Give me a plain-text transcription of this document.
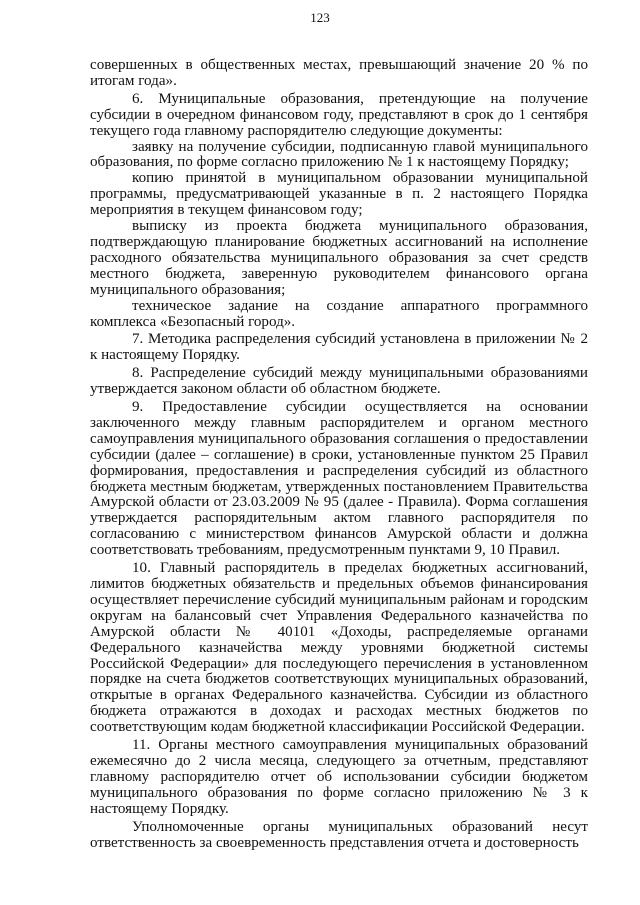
123

совершенных в общественных местах, превышающий значение 20 % по итогам года».

6. Муниципальные образования, претендующие на получение субсидии в очередном финансовом году, представляют в срок до 1 сентября текущего года главному распорядителю следующие документы:

заявку на получение субсидии, подписанную главой муниципального образования, по форме согласно приложению № 1 к настоящему Порядку;

копию принятой в муниципальном образовании муниципальной программы, предусматривающей указанные в п. 2 настоящего Порядка мероприятия в текущем финансовом году;

выписку из проекта бюджета муниципального образования, подтверждающую планирование бюджетных ассигнований на исполнение расходного обязательства муниципального образования за счет средств местного бюджета, заверенную руководителем финансового органа муниципального образования;

техническое задание на создание аппаратного программного комплекса «Безопасный город».

7. Методика распределения субсидий установлена в приложении № 2 к настоящему Порядку.

8. Распределение субсидий между муниципальными образованиями утверждается законом области об областном бюджете.

9. Предоставление субсидии осуществляется на основании заключенного между главным распорядителем и органом местного самоуправления муниципального образования соглашения о предоставлении субсидии (далее – соглашение) в сроки, установленные пунктом 25 Правил формирования, предоставления и распределения субсидий из областного бюджета местным бюджетам, утвержденных постановлением Правительства Амурской области от 23.03.2009 № 95 (далее - Правила). Форма соглашения утверждается распорядительным актом главного распорядителя по согласованию с министерством финансов Амурской области и должна соответствовать требованиям, предусмотренным пунктами 9, 10 Правил.

10. Главный распорядитель в пределах бюджетных ассигнований, лимитов бюджетных обязательств и предельных объемов финансирования осуществляет перечисление субсидий муниципальным районам и городским округам на балансовый счет Управления Федерального казначейства по Амурской области № 40101 «Доходы, распределяемые органами Федерального казначейства между уровнями бюджетной системы Российской Федерации» для последующего перечисления в установленном порядке на счета бюджетов соответствующих муниципальных образований, открытые в органах Федерального казначейства. Субсидии из областного бюджета отражаются в доходах и расходах местных бюджетов по соответствующим кодам бюджетной классификации Российской Федерации.

11. Органы местного самоуправления муниципальных образований ежемесячно до 2 числа месяца, следующего за отчетным, представляют главному распорядителю отчет об использовании субсидии бюджетом муниципального образования по форме согласно приложению № 3 к настоящему Порядку.

Уполномоченные органы муниципальных образований несут ответственность за своевременность представления отчета и достоверность
